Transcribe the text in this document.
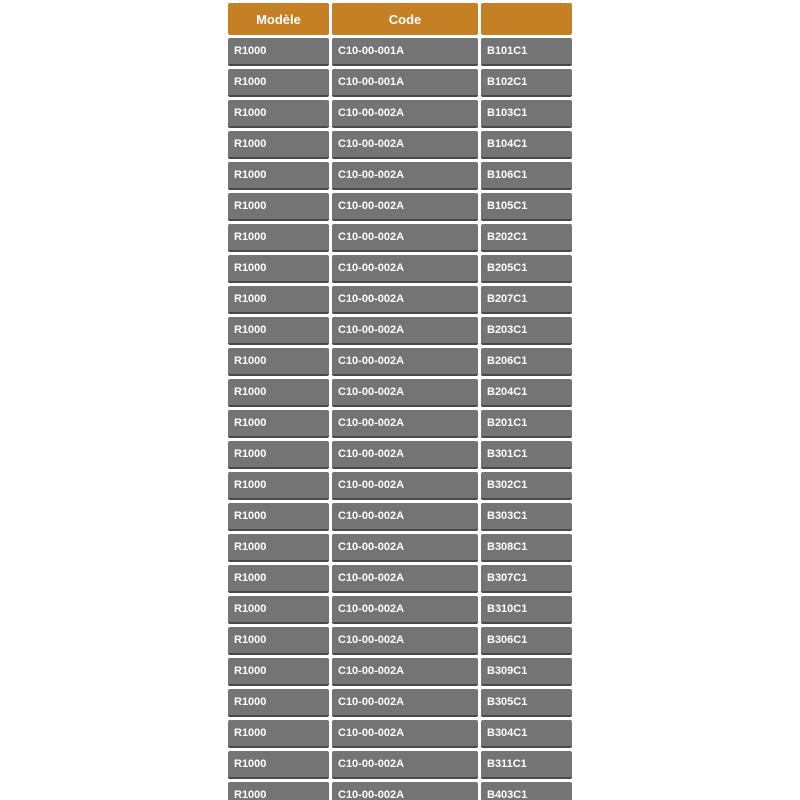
Modèle	Code
R1000	C10-00-001A	B101C1
R1000	C10-00-001A	B102C1
R1000	C10-00-002A	B103C1
R1000	C10-00-002A	B104C1
R1000	C10-00-002A	B106C1
R1000	C10-00-002A	B105C1
R1000	C10-00-002A	B202C1
R1000	C10-00-002A	B205C1
R1000	C10-00-002A	B207C1
R1000	C10-00-002A	B203C1
R1000	C10-00-002A	B206C1
R1000	C10-00-002A	B204C1
R1000	C10-00-002A	B201C1
R1000	C10-00-002A	B301C1
R1000	C10-00-002A	B302C1
R1000	C10-00-002A	B303C1
R1000	C10-00-002A	B308C1
R1000	C10-00-002A	B307C1
R1000	C10-00-002A	B310C1
R1000	C10-00-002A	B306C1
R1000	C10-00-002A	B309C1
R1000	C10-00-002A	B305C1
R1000	C10-00-002A	B304C1
R1000	C10-00-002A	B311C1
R1000	C10-00-002A	B403C1
